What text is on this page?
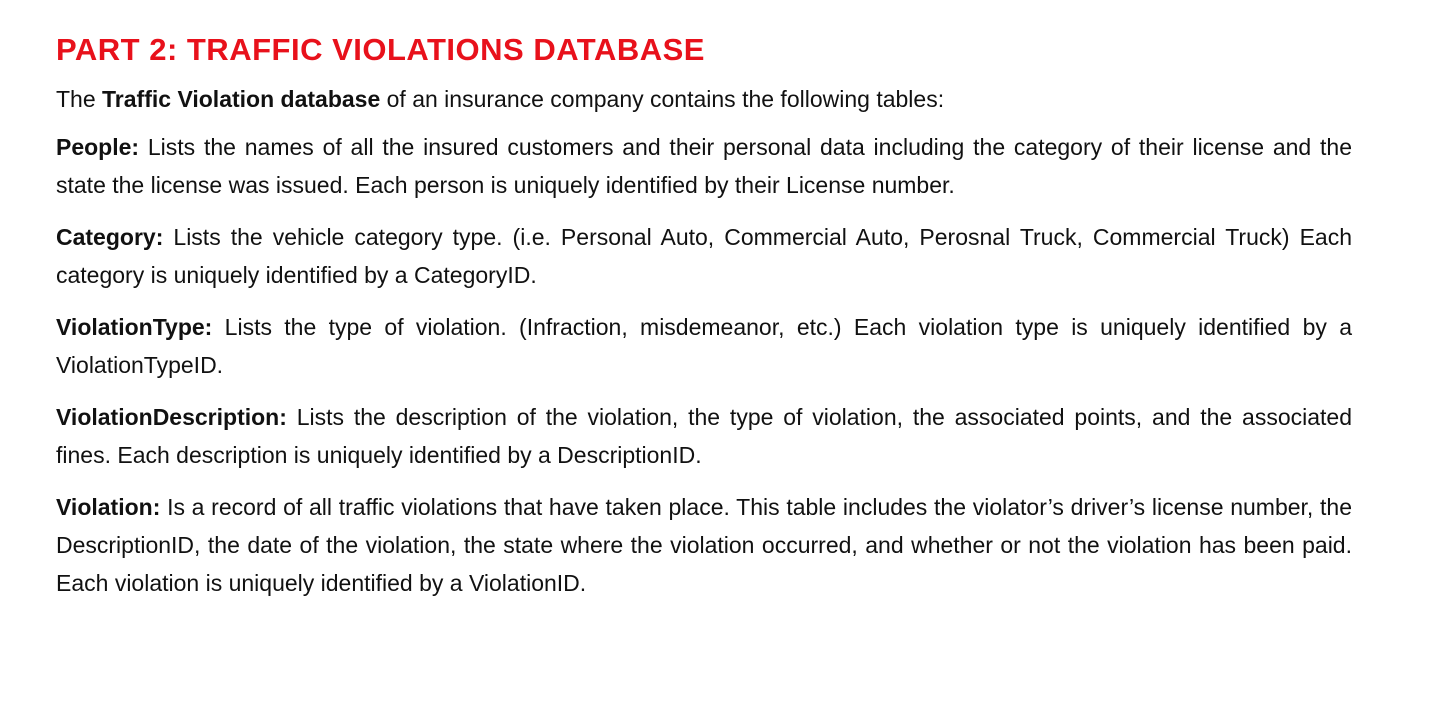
PART 2: TRAFFIC VIOLATIONS DATABASE

The Traffic Violation database of an insurance company contains the following tables:

People: Lists the names of all the insured customers and their personal data including the category of their license and the state the license was issued. Each person is uniquely identified by their License number.

Category: Lists the vehicle category type. (i.e. Personal Auto, Commercial Auto, Perosnal Truck, Commercial Truck) Each category is uniquely identified by a CategoryID.

ViolationType: Lists the type of violation. (Infraction, misdemeanor, etc.) Each violation type is uniquely identified by a ViolationTypeID.

ViolationDescription: Lists the description of the violation, the type of violation, the associated points, and the associated fines. Each description is uniquely identified by a DescriptionID.

Violation: Is a record of all traffic violations that have taken place. This table includes the violator’s driver’s license number, the DescriptionID, the date of the violation, the state where the violation occurred, and whether or not the violation has been paid. Each violation is uniquely identified by a ViolationID.
